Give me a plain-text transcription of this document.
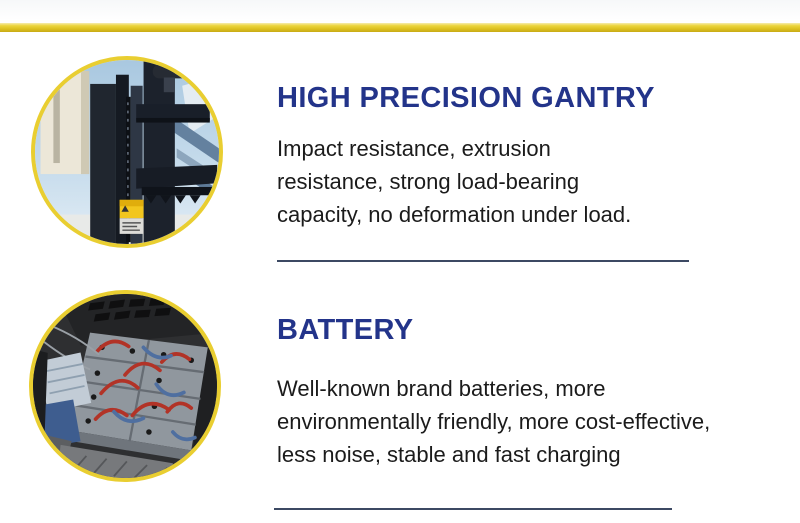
HIGH PRECISION GANTRY
Impact resistance, extrusion
resistance, strong load-bearing
capacity, no deformation under load.
BATTERY
Well-known brand batteries, more
environmentally friendly, more cost-effective,
less noise, stable and fast charging
